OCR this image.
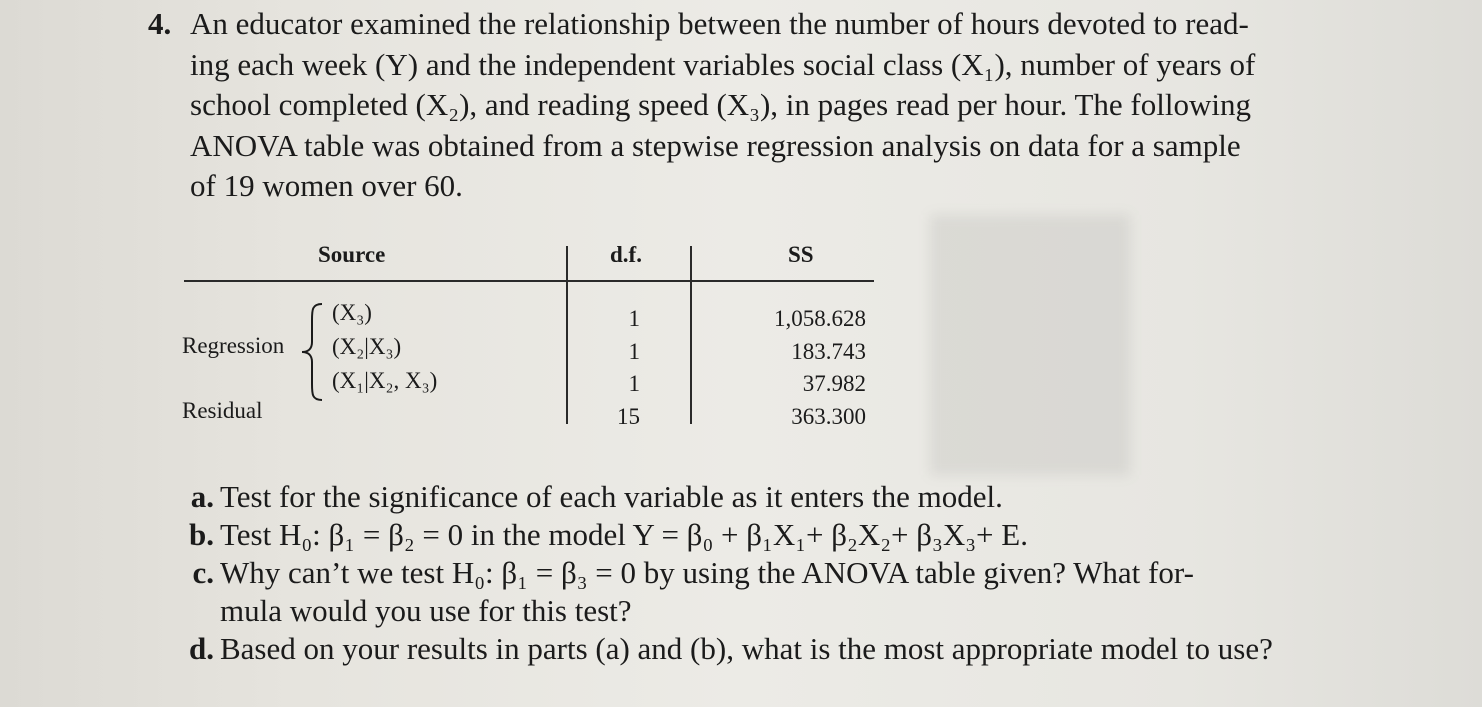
4. An educator examined the relationship between the number of hours devoted to read-
ing each week (Y) and the independent variables social class (X₁), number of years of
school completed (X₂), and reading speed (X₃), in pages read per hour. The following
ANOVA table was obtained from a stepwise regression analysis on data for a sample
of 19 women over 60.
Source	d.f.	SS
Regression
Residual
(X₃)
(X₂|X₃)
(X₁|X₂, X₃)
1
1
1
15
1,058.628
183.743
37.982
363.300
a. Test for the significance of each variable as it enters the model.
b. Test H₀: β₁ = β₂ = 0 in the model Y = β₀ + β₁X₁+ β₂X₂+ β₃X₃+ E.
c. Why can’t we test H₀: β₁ = β₃ = 0 by using the ANOVA table given? What for-
mula would you use for this test?
d. Based on your results in parts (a) and (b), what is the most appropriate model to use?
